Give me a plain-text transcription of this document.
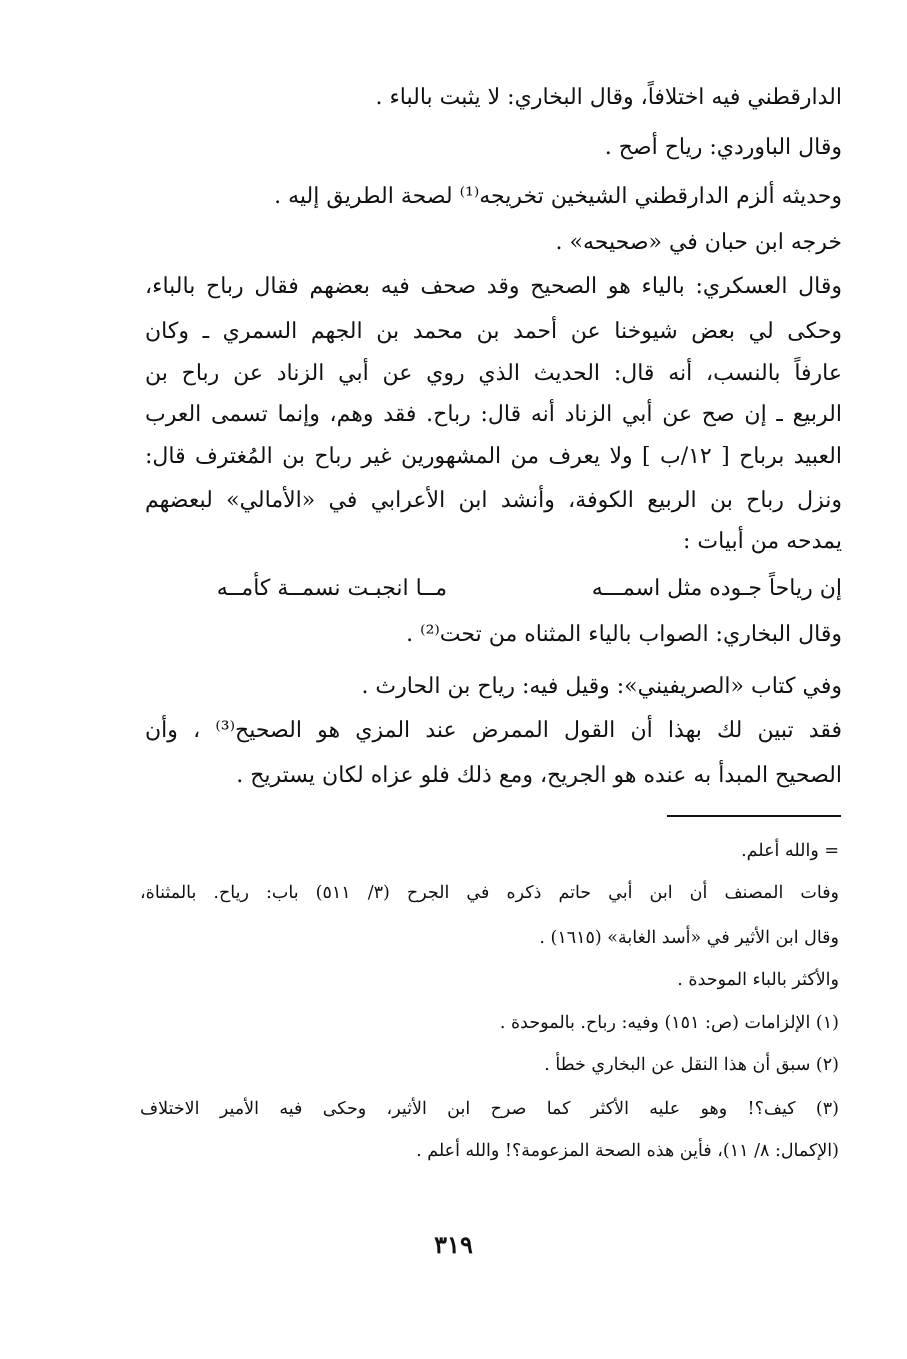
الدارقطني فيه اختلافاً، وقال البخاري: لا يثبت بالباء .
وقال الباوردي: رياح أصح .
وحديثه ألزم الدارقطني الشيخين تخريجه⁽¹⁾ لصحة الطريق إليه .
خرجه ابن حبان في «صحيحه» .
وقال العسكري: بالياء هو الصحيح وقد صحف فيه بعضهم فقال رباح بالباء،
وحكى لي بعض شيوخنا عن أحمد بن محمد بن الجهم السمري ـ وكان
عارفاً بالنسب، أنه قال: الحديث الذي روي عن أبي الزناد عن رباح بن
الربيع ـ إن صح عن أبي الزناد أنه قال: رباح. فقد وهم، وإنما تسمى العرب
العبيد برباح [ ١٢/ب ] ولا يعرف من المشهورين غير رباح بن المُغترف قال:
ونزل رباح بن الربيع الكوفة، وأنشد ابن الأعرابي في «الأمالي» لبعضهم
يمدحه من أبيات :
إن رياحاً جـوده مثل اسمـــه
مــا انجبـت نسمــة كأمــه
وقال البخاري: الصواب بالياء المثناه من تحت⁽²⁾ .
وفي كتاب «الصريفيني»: وقيل فيه: رياح بن الحارث .
فقد تبين لك بهذا أن القول الممرض عند المزي هو الصحيح⁽³⁾ ، وأن
الصحيح المبدأ به عنده هو الجريح، ومع ذلك فلو عزاه لكان يستريح .
= والله أعلم.
وفات المصنف أن ابن أبي حاتم ذكره في الجرح (٣/ ٥١١) باب: رياح. بالمثناة،
وقال ابن الأثير في «أسد الغابة» (١٦١٥) .
والأكثر بالباء الموحدة .
(١) الإلزامات (ص: ١٥١) وفيه: رباح. بالموحدة .
(٢) سبق أن هذا النقل عن البخاري خطأ .
(٣) كيف؟! وهو عليه الأكثر كما صرح ابن الأثير، وحكى فيه الأمير الاختلاف
(الإكمال: ٨/ ١١)، فأين هذه الصحة المزعومة؟! والله أعلم .
٣١٩
